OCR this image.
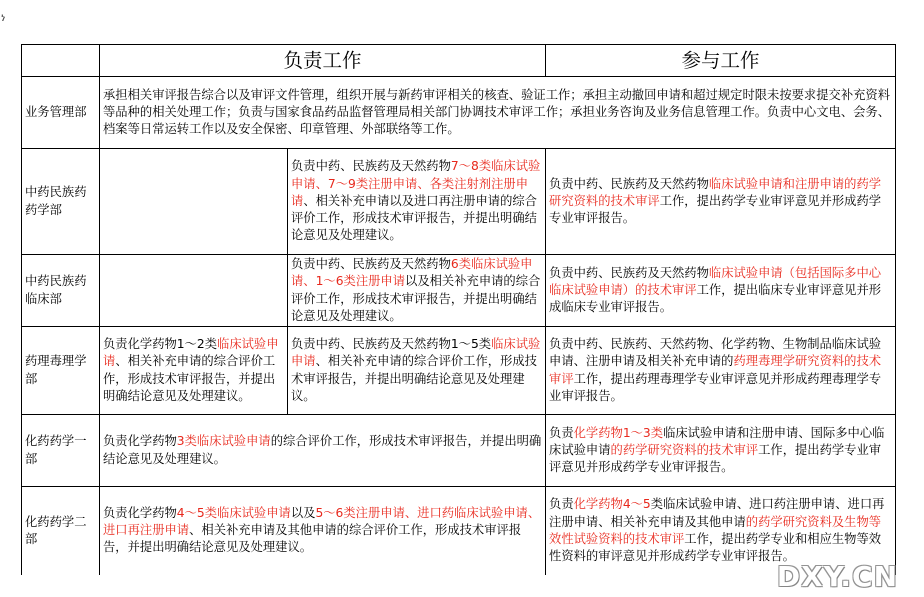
ነ
	负责工作		参与工作
业务管理部	承担相关审评报告综合以及审评文件管理，组织开展与新药审评相关的核查、验证工作；承担主动撤回申请和超过规定时限未按要求提交补充资料等品种的相关处理工作；负责与国家食品药品监督管理局相关部门协调技术审评工作；承担业务咨询及业务信息管理工作。负责中心文电、会务、档案等日常运转工作以及安全保密、印章管理、外部联络等工作。		
中药民族药药学部		负责中药、民族药及天然药物7～8类临床试验申请、7～9类注册申请、各类注射剂注册申请、相关补充申请以及进口再注册申请的综合评价工作，形成技术审评报告，并提出明确结论意见及处理建议。	负责中药、民族药及天然药物临床试验申请和注册申请的药学研究资料的技术审评工作，提出药学专业审评意见并形成药学专业审评报告。
中药民族药临床部		负责中药、民族药及天然药物6类临床试验申请、1～6类注册申请以及相关补充申请的综合评价工作，形成技术审评报告，并提出明确结论意见及处理建议。	负责中药、民族药及天然药物临床试验申请（包括国际多中心临床试验申请）的技术审评工作，提出临床专业审评意见并形成临床专业审评报告。
药理毒理学部	负责化学药物1～2类临床试验申请、相关补充申请的综合评价工作，形成技术审评报告，并提出明确结论意见及处理建议。	负责中药、民族药及天然药物1～5类临床试验申请、相关补充申请的综合评价工作，形成技术审评报告，并提出明确结论意见及处理建议。	负责中药、民族药、天然药物、化学药物、生物制品临床试验申请、注册申请及相关补充申请的药理毒理学研究资料的技术审评工作，提出药理毒理学专业审评意见并形成药理毒理学专业审评报告。
化药药学一部	负责化学药物3类临床试验申请的综合评价工作，形成技术审评报告，并提出明确结论意见及处理建议。		负责化学药物1～3类临床试验申请和注册申请、国际多中心临床试验申请的药学研究资料的技术审评工作，提出药学专业审评意见并形成药学专业审评报告。
化药药学二部	负责化学药物4～5类临床试验申请以及5～6类注册申请、进口药临床试验申请、进口再注册申请、相关补充申请及其他申请的综合评价工作，形成技术审评报告，并提出明确结论意见及处理建议。		负责化学药物4～5类临床试验申请、进口药注册申请、进口再注册申请、相关补充申请及其他申请的药学研究资料及生物等效性试验资料的技术审评工作，提出药学专业和相应生物等效性资料的审评意见并形成药学专业审评报告。
DXY.CN
